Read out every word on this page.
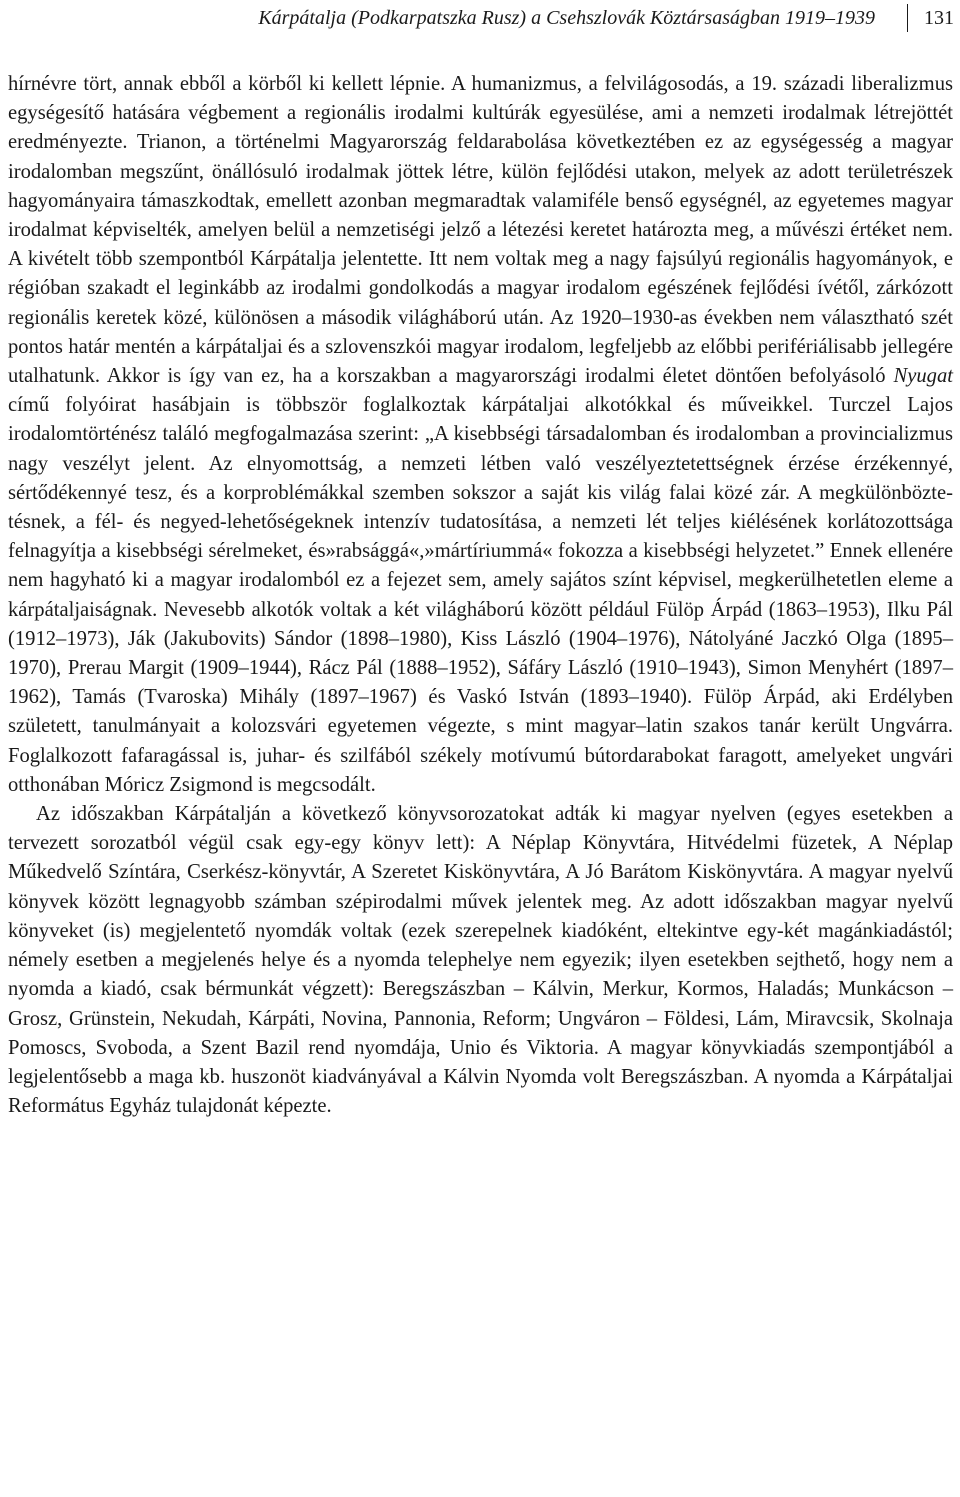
Kárpátalja (Podkarpatszka Rusz) a Csehszlovák Köztársaságban 1919–1939 131

hírnévre tört, annak ebből a körből ki kellett lépnie. A humanizmus, a felvilágosodás, a 19. századi liberalizmus egységesítő hatására végbement a regionális irodalmi kultúrák egyesülése, ami a nemzeti irodalmak létrejöttét eredményezte. Trianon, a történelmi Magyarország feldarabolása következtében ez az egységesség a magyar irodalomban megszűnt, önállósuló irodalmak jöttek létre, külön fejlődési utakon, melyek az adott területrészek hagyományaira támaszkodtak, emellett azonban megmaradtak valamiféle benső egységnél, az egyetemes magyar irodalmat képviselték, amelyen belül a nemzetiségi jelző a létezési keretet határozta meg, a művészi értéket nem. A kivételt több szempontból Kárpátalja jelentette. Itt nem voltak meg a nagy fajsúlyú regionális hagyományok, e régióban szakadt el leginkább az irodalmi gondolkodás a magyar irodalom egészének fejlődési ívétől, zárkózott regionális keretek közé, különösen a második világháború után. Az 1920–1930-as években nem választható szét pontos határ mentén a kárpátaljai és a szlovenszkói magyar irodalom, legfeljebb az előbbi perifériálisabb jellegére utalhatunk. Akkor is így van ez, ha a korszakban a magyarországi irodalmi életet döntően befolyásoló Nyugat című folyóirat hasábjain is többször foglalkoztak kárpátaljai alkotókkal és műveikkel. Turczel Lajos irodalomtörténész találó megfogalmazása szerint: „A kisebbségi társadalomban és irodalomban a provincializmus nagy veszélyt jelent. Az elnyomottság, a nemzeti létben való veszélyeztetettségnek érzése érzékennyé, sértődékennyé tesz, és a korproblémákkal szemben sokszor a saját kis világ falai közé zár. A megkülönböztetésnek, a fél- és negyed-lehetőségeknek intenzív tudatosítása, a nemzeti lét teljes kiélésének korlátozottsága felnagyítja a kisebbségi sérelmeket, és»rabsággá«,»mártíriummá« fokozza a kisebbségi helyzetet.” Ennek ellenére nem hagyható ki a magyar irodalomból ez a fejezet sem, amely sajátos színt képvisel, megkerülhetetlen eleme a kárpátaljaiságnak. Nevesebb alkotók voltak a két világháború között például Fülöp Árpád (1863–1953), Ilku Pál (1912–1973), Ják (Jakubovits) Sándor (1898–1980), Kiss László (1904–1976), Nátolyáné Jaczkó Olga (1895–1970), Prerau Margit (1909–1944), Rácz Pál (1888–1952), Sáfáry László (1910–1943), Simon Menyhért (1897–1962), Tamás (Tvaroska) Mihály (1897–1967) és Vaskó István (1893–1940). Fülöp Árpád, aki Erdélyben született, tanulmányait a kolozsvári egyetemen végezte, s mint magyar–latin szakos tanár került Ungvárra. Foglalkozott fafaragással is, juhar- és szilfából székely motívumú bútordarabokat faragott, amelyeket ungvári otthonában Móricz Zsigmond is megcsodált.

Az időszakban Kárpátalján a következő könyvsorozatokat adták ki magyar nyelven (egyes esetekben a tervezett sorozatból végül csak egy-egy könyv lett): A Néplap Könyvtára, Hitvédelmi füzetek, A Néplap Műkedvelő Színtára, Cserkész-könyvtár, A Szeretet Kiskönyvtára, A Jó Barátom Kiskönyvtára. A magyar nyelvű könyvek között legnagyobb számban szépirodalmi művek jelentek meg. Az adott időszakban magyar nyelvű könyveket (is) megjelentető nyomdák voltak (ezek szerepelnek kiadóként, eltekintve egy-két magánkiadástól; némely esetben a megjelenés helye és a nyomda telephelye nem egyezik; ilyen esetekben sejthető, hogy nem a nyomda a kiadó, csak bérmunkát végzett): Beregszászban – Kálvin, Merkur, Kormos, Haladás; Munkácson – Grosz, Grünstein, Nekudah, Kárpáti, Novina, Pannonia, Reform; Ungváron – Földesi, Lám, Miravcsik, Skolnaja Pomoscs, Svoboda, a Szent Bazil rend nyomdája, Unio és Viktoria. A magyar könyvkiadás szempontjából a legjelentősebb a maga kb. huszonöt kiadványával a Kálvin Nyomda volt Beregszászban. A nyomda a Kárpátaljai Református Egyház tulajdonát képezte.
